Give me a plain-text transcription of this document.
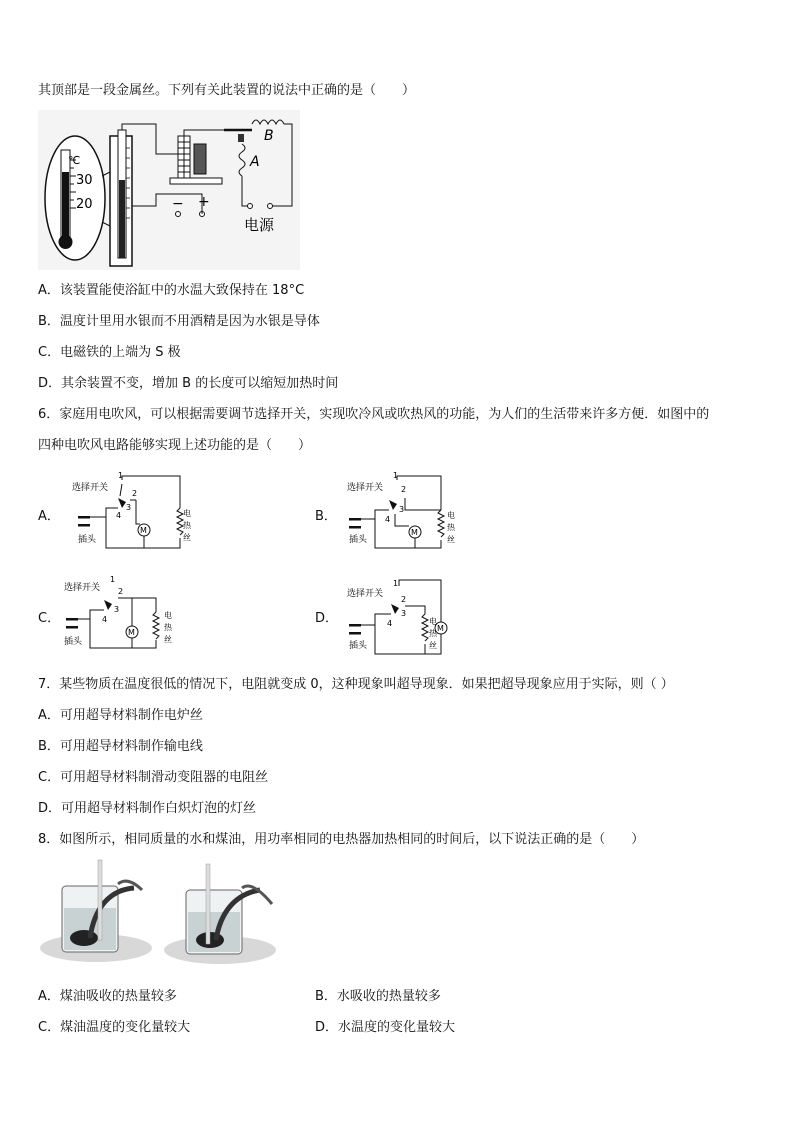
其顶部是一段金属丝。下列有关此装置的说法中正确的是（　　）
℃
30
20	− +
B
A
电源
A．该装置能使浴缸中的水温大致保持在 18°C
B．温度计里用水银而不用酒精是因为水银是导体
C．电磁铁的上端为 S 极
D．其余装置不变，增加 B 的长度可以缩短加热时间
6．家庭用电吹风，可以根据需要调节选择开关，实现吹冷风或吹热风的功能，为人们的生活带来许多方便．如图中的
四种电吹风电路能够实现上述功能的是（　　）
A．
选择开关
1
2
3
4
M
插头
电
热
丝
B．
选择开关
1
2
3
4
M
插头
电
热
丝
C．
选择开关
1
2
3
4
M
插头
电
热
丝
D．
选择开关
1
2
3
4
M
插头
电
热
丝
7．某些物质在温度很低的情况下，电阻就变成 0，这种现象叫超导现象．如果把超导现象应用于实际，则（ ）
A．可用超导材料制作电炉丝
B．可用超导材料制作输电线
C．可用超导材料制滑动变阻器的电阻丝
D．可用超导材料制作白炽灯泡的灯丝
8．如图所示，相同质量的水和煤油，用功率相同的电热器加热相同的时间后，以下说法正确的是（　　）
A．煤油吸收的热量较多	B．水吸收的热量较多
C．煤油温度的变化量较大	D．水温度的变化量较大
